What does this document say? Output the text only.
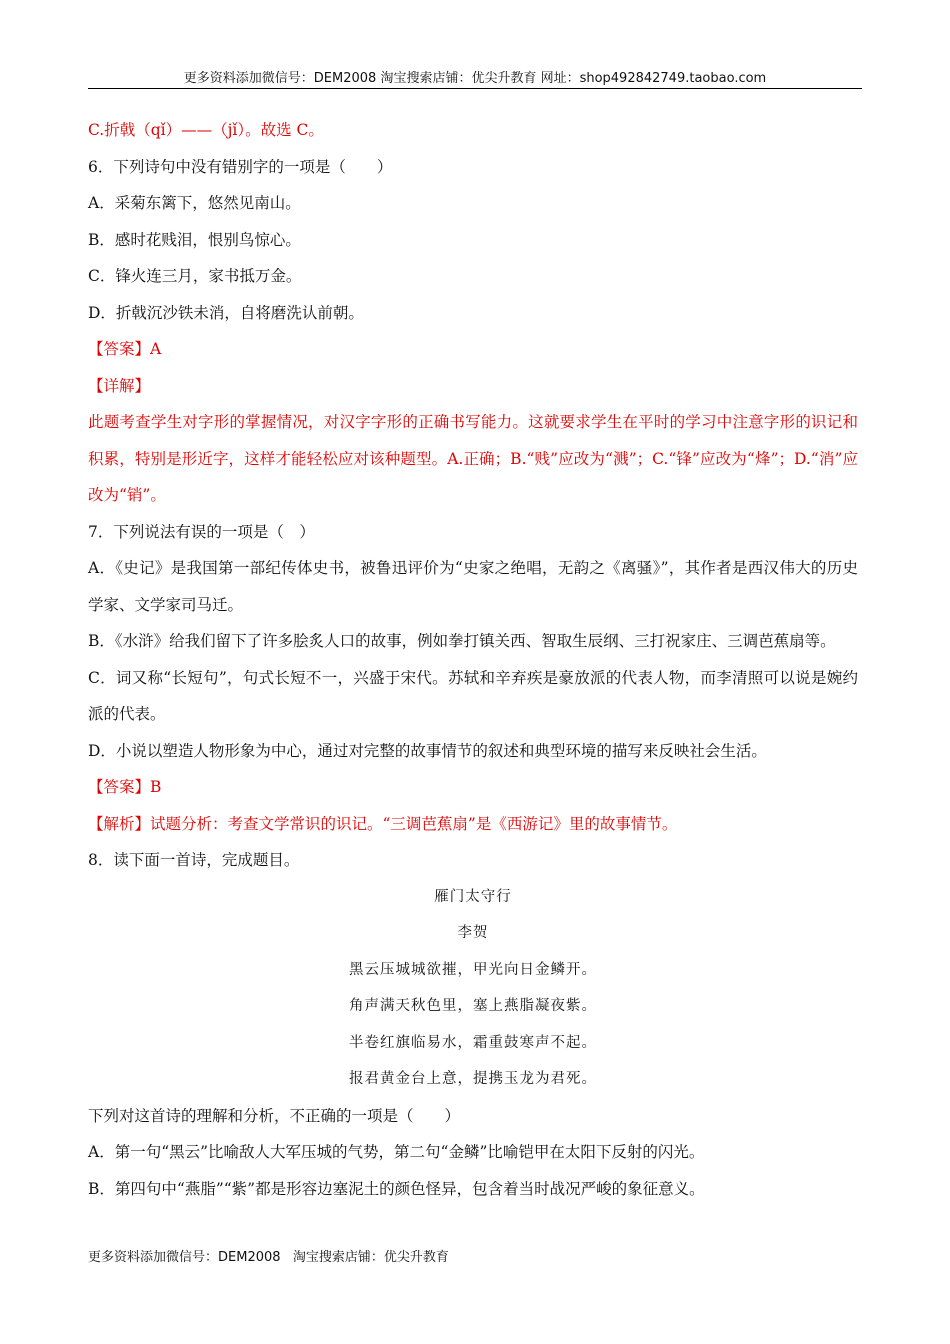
更多资料添加微信号：DEM2008 淘宝搜索店铺：优尖升教育 网址：shop492842749.taobao.com
C.折戟（qǐ）——（jǐ）。故选 C。
6．下列诗句中没有错别字的一项是（　　）
A．采菊东篱下，悠然见南山。
B．感时花贱泪，恨别鸟惊心。
C．锋火连三月，家书抵万金。
D．折戟沉沙铁未消，自将磨洗认前朝。
【答案】A
【详解】
此题考查学生对字形的掌握情况，对汉字字形的正确书写能力。这就要求学生在平时的学习中注意字形的识记和积累，特别是形近字，这样才能轻松应对该种题型。A.正确；B.“贱”应改为“溅”；C.“锋”应改为“烽”；D.“消”应改为“销”。
7．下列说法有误的一项是（　）
A．《史记》是我国第一部纪传体史书，被鲁迅评价为“史家之绝唱，无韵之《离骚》”，其作者是西汉伟大的历史学家、文学家司马迁。
B．《水浒》给我们留下了许多脍炙人口的故事，例如拳打镇关西、智取生辰纲、三打祝家庄、三调芭蕉扇等。
C．词又称“长短句”，句式长短不一，兴盛于宋代。苏轼和辛弃疾是豪放派的代表人物，而李清照可以说是婉约派的代表。
D．小说以塑造人物形象为中心，通过对完整的故事情节的叙述和典型环境的描写来反映社会生活。
【答案】B
【解析】试题分析：考查文学常识的识记。“三调芭蕉扇”是《西游记》里的故事情节。
8．读下面一首诗，完成题目。
雁门太守行
李贺
黑云压城城欲摧，甲光向日金鳞开。
角声满天秋色里，塞上燕脂凝夜紫。
半卷红旗临易水，霜重鼓寒声不起。
报君黄金台上意，提携玉龙为君死。
下列对这首诗的理解和分析，不正确的一项是（　　）
A．第一句“黑云”比喻敌人大军压城的气势，第二句“金鳞”比喻铠甲在太阳下反射的闪光。
B．第四句中“燕脂”“紫”都是形容边塞泥土的颜色怪异，包含着当时战况严峻的象征意义。
更多资料添加微信号：DEM2008   淘宝搜索店铺：优尖升教育
